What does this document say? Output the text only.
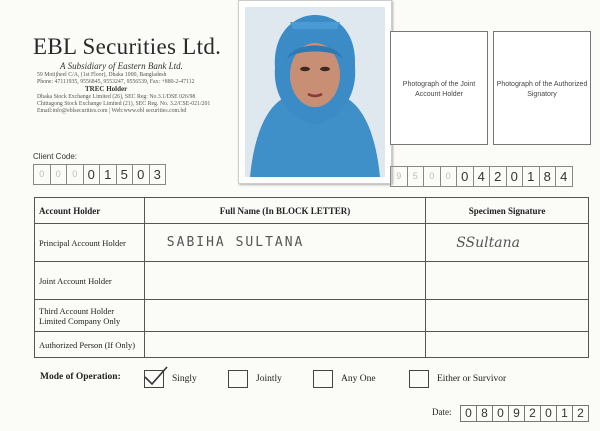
EBL Securities Ltd.
A Subsidiary of Eastern Bank Ltd.
59 Motijheel C/A, (1st Floor), Dhaka 1000, Bangladesh
Phone: 47111935, 9556845, 9553247, 9556539, Fax: +880-2-47112
TREC Holder
Dhaka Stock Exchange Limited (26), SEC Reg: No.3.1/DSE 026/98
Chittagong Stock Exchange Limited (21), SEC Reg. No. 3.2/CSE-021/201
Email:info@eblsecurities.com | Web:www.ebl securities.com.bd
Photograph of the Joint Account Holder
Photograph of the Authorized Signatory
Client Code:
0	0	0 0 1 5 0 3	9	5	0	0 0 4 2 0 1 8 4
Account Holder	Full Name (In BLOCK LETTER)	Specimen Signature
Principal Account Holder	SABIHA SULTANA	SSultana
Joint Account Holder		
Third Account Holder Limited Company Only		
Authorized Person (If Only)		
Mode of Operation:	Singly	Jointly	Any One	Either or Survivor
Date:	0 8 0 9 2 0 1 2
